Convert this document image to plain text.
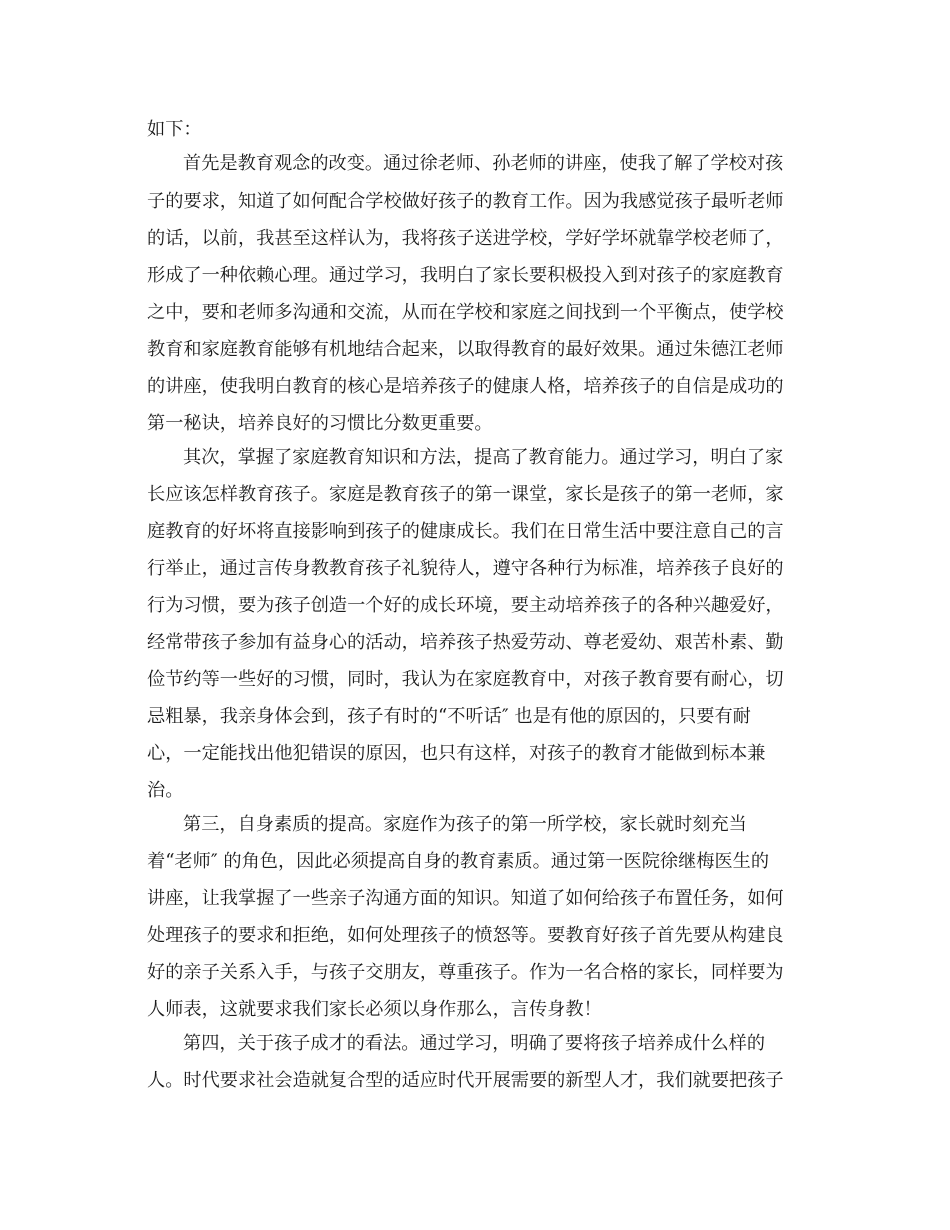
如下：
首先是教育观念的改变。通过徐老师、孙老师的讲座，使我了解了学校对孩
子的要求，知道了如何配合学校做好孩子的教育工作。因为我感觉孩子最听老师
的话，以前，我甚至这样认为，我将孩子送进学校，学好学坏就靠学校老师了，
形成了一种依赖心理。通过学习，我明白了家长要积极投入到对孩子的家庭教育
之中，要和老师多沟通和交流，从而在学校和家庭之间找到一个平衡点，使学校
教育和家庭教育能够有机地结合起来，以取得教育的最好效果。通过朱德江老师
的讲座，使我明白教育的核心是培养孩子的健康人格，培养孩子的自信是成功的
第一秘诀，培养良好的习惯比分数更重要。
其次，掌握了家庭教育知识和方法，提高了教育能力。通过学习，明白了家
长应该怎样教育孩子。家庭是教育孩子的第一课堂，家长是孩子的第一老师，家
庭教育的好坏将直接影响到孩子的健康成长。我们在日常生活中要注意自己的言
行举止，通过言传身教教育孩子礼貌待人，遵守各种行为标准，培养孩子良好的
行为习惯，要为孩子创造一个好的成长环境，要主动培养孩子的各种兴趣爱好，
经常带孩子参加有益身心的活动，培养孩子热爱劳动、尊老爱幼、艰苦朴素、勤
俭节约等一些好的习惯，同时，我认为在家庭教育中，对孩子教育要有耐心，切
忌粗暴，我亲身体会到，孩子有时的“不听话″ 也是有他的原因的，只要有耐
心，一定能找出他犯错误的原因，也只有这样，对孩子的教育才能做到标本兼
治。
第三，自身素质的提高。家庭作为孩子的第一所学校，家长就时刻充当
着“老师″ 的角色，因此必须提高自身的教育素质。通过第一医院徐继梅医生的
讲座，让我掌握了一些亲子沟通方面的知识。知道了如何给孩子布置任务，如何
处理孩子的要求和拒绝，如何处理孩子的愤怒等。要教育好孩子首先要从构建良
好的亲子关系入手，与孩子交朋友，尊重孩子。作为一名合格的家长，同样要为
人师表，这就要求我们家长必须以身作那么，言传身教！
第四，关于孩子成才的看法。通过学习，明确了要将孩子培养成什么样的
人。时代要求社会造就复合型的适应时代开展需要的新型人才，我们就要把孩子
